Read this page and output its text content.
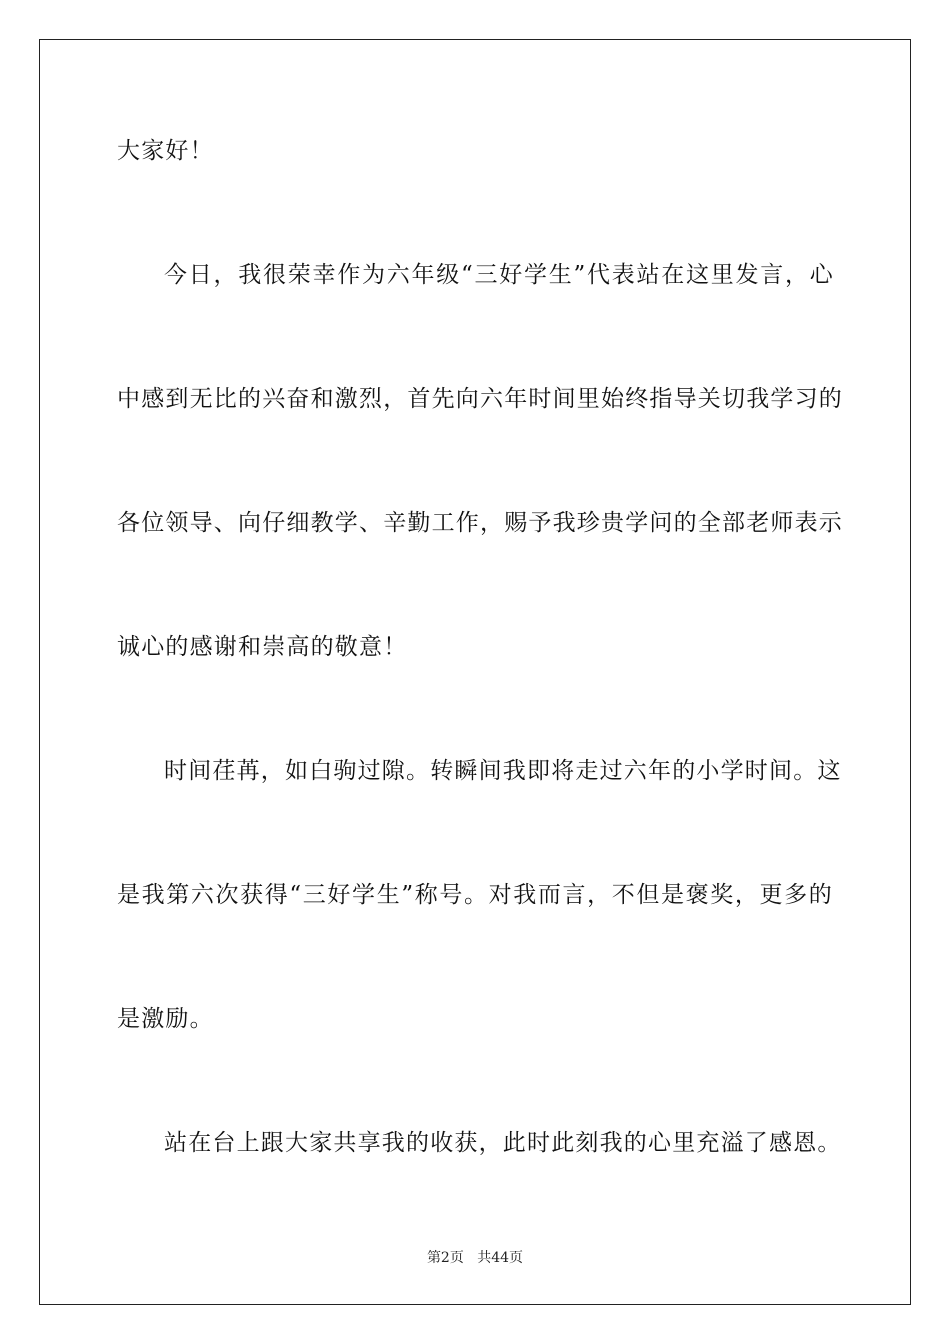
大家好！
今日，我很荣幸作为六年级“三好学生”代表站在这里发言，心
中感到无比的兴奋和激烈，首先向六年时间里始终指导关切我学习的
各位领导、向仔细教学、辛勤工作，赐予我珍贵学问的全部老师表示
诚心的感谢和崇高的敬意！
时间荏苒，如白驹过隙。转瞬间我即将走过六年的小学时间。这
是我第六次获得“三好学生”称号。对我而言，不但是褒奖，更多的
是激励。
站在台上跟大家共享我的收获，此时此刻我的心里充溢了感恩。
第2页 共44页
